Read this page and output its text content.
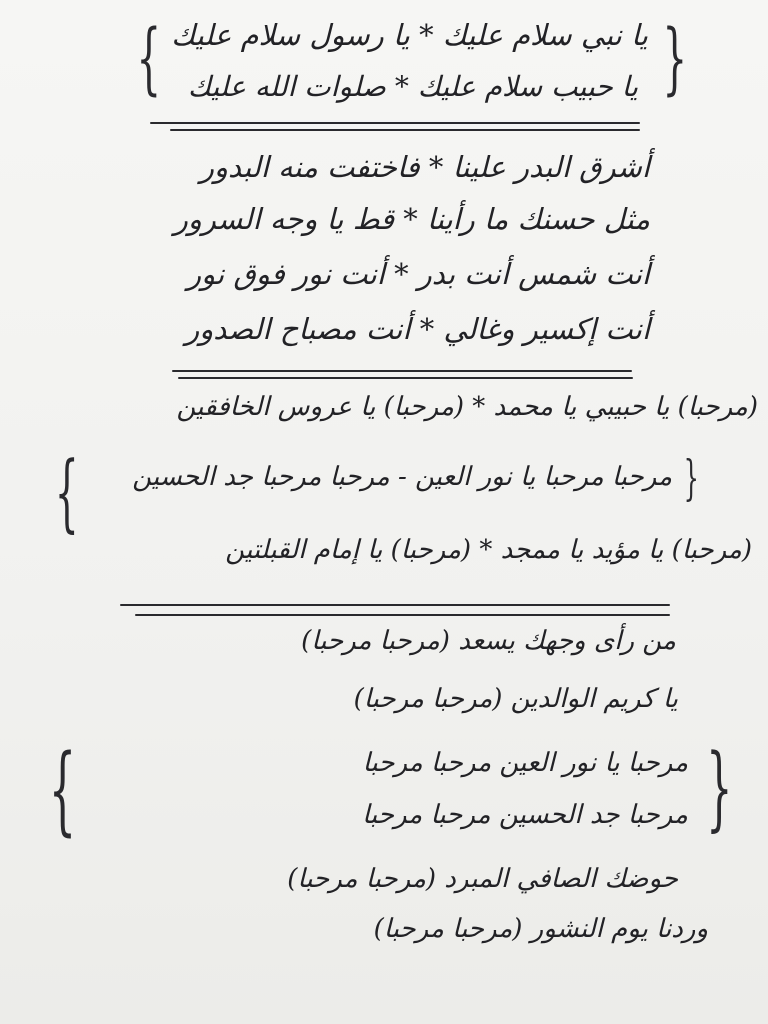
{	}
يا نبي سلام عليك * يا رسول سلام عليك
يا حبيب سلام عليك * صلوات الله عليك
أشرق البدر علينا * فاختفت منه البدور
مثل حسنك ما رأينا * قط يا وجه السرور
أنت شمس أنت بدر * أنت نور فوق نور
أنت إكسير وغالي * أنت مصباح الصدور
(مرحبا) يا حبيبي يا محمد * (مرحبا) يا عروس الخافقين
{	}
مرحبا مرحبا يا نور العين - مرحبا مرحبا جد الحسين
(مرحبا) يا مؤيد يا ممجد * (مرحبا) يا إمام القبلتين
من رأى وجهك يسعد (مرحبا مرحبا)
يا كريم الوالدين (مرحبا مرحبا)
{	}
مرحبا يا نور العين مرحبا مرحبا
مرحبا جد الحسين مرحبا مرحبا
حوضك الصافي المبرد (مرحبا مرحبا)
وردنا يوم النشور (مرحبا مرحبا)
